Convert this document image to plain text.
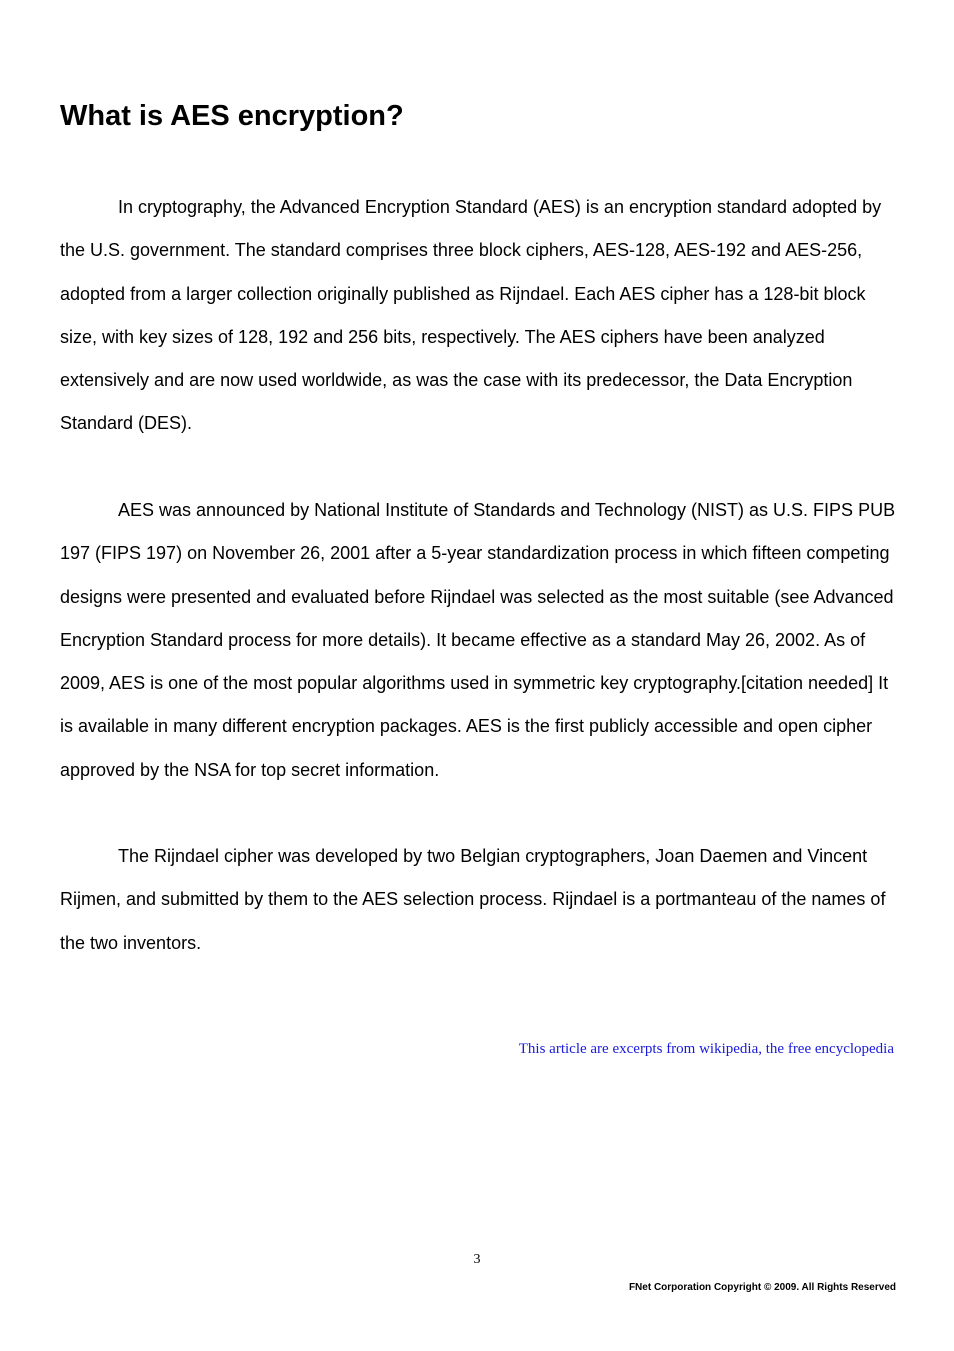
What is AES encryption?

In cryptography, the Advanced Encryption Standard (AES) is an encryption standard adopted by the U.S. government. The standard comprises three block ciphers, AES-128, AES-192 and AES-256, adopted from a larger collection originally published as Rijndael. Each AES cipher has a 128-bit block size, with key sizes of 128, 192 and 256 bits, respectively. The AES ciphers have been analyzed extensively and are now used worldwide, as was the case with its predecessor, the Data Encryption Standard (DES).

AES was announced by National Institute of Standards and Technology (NIST) as U.S. FIPS PUB 197 (FIPS 197) on November 26, 2001 after a 5-year standardization process in which fifteen competing designs were presented and evaluated before Rijndael was selected as the most suitable (see Advanced Encryption Standard process for more details). It became effective as a standard May 26, 2002. As of 2009, AES is one of the most popular algorithms used in symmetric key cryptography.[citation needed] It is available in many different encryption packages. AES is the first publicly accessible and open cipher approved by the NSA for top secret information.

The Rijndael cipher was developed by two Belgian cryptographers, Joan Daemen and Vincent Rijmen, and submitted by them to the AES selection process. Rijndael is a portmanteau of the names of the two inventors.

This article are excerpts from wikipedia, the free encyclopedia
3
FNet Corporation Copyright © 2009. All Rights Reserved
